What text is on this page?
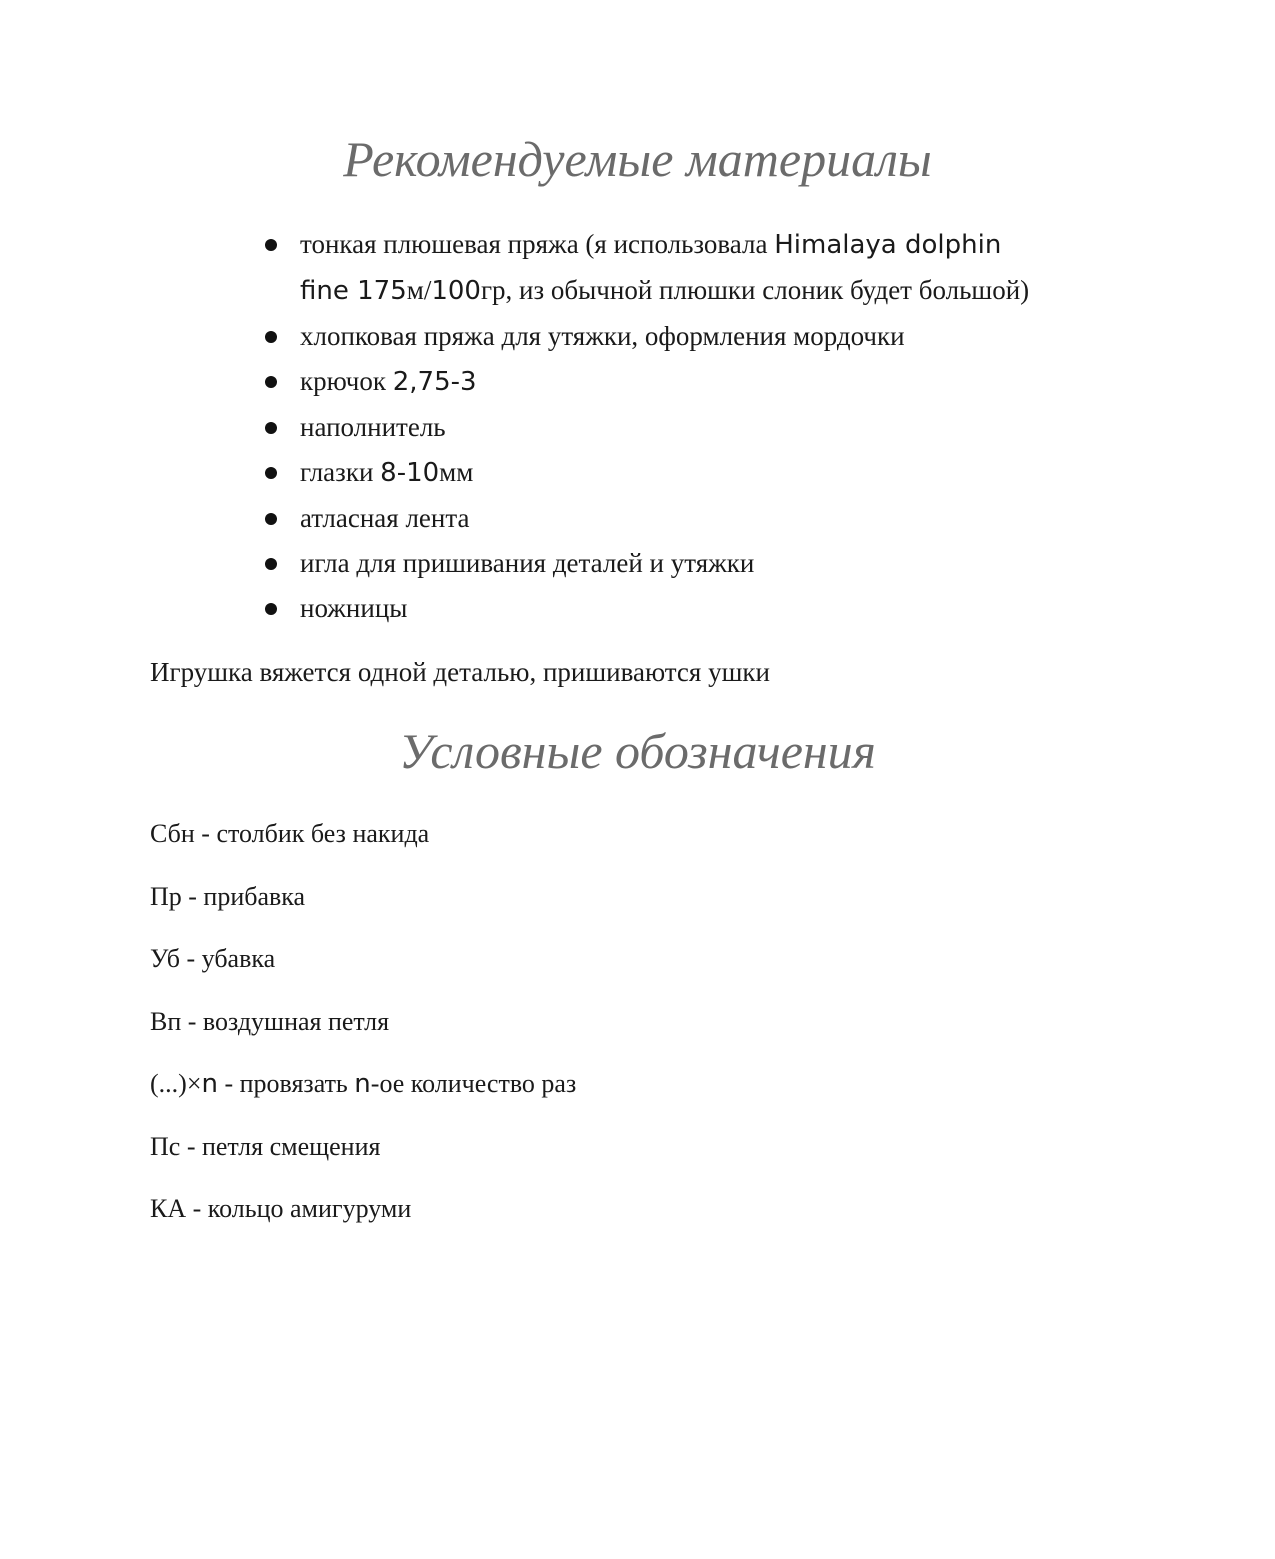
Рекомендуемые материалы
тонкая плюшевая пряжа (я использовала Himalaya dolphin
fine 175м/100гр, из обычной плюшки слоник будет большой)
хлопковая пряжа для утяжки, оформления мордочки
крючок 2,75-3
наполнитель
глазки 8-10мм
атласная лента
игла для пришивания деталей и утяжки
ножницы

Игрушка вяжется одной деталью, пришиваются ушки

Условные обозначения
Сбн - столбик без накида
Пр - прибавка
Уб - убавка
Вп - воздушная петля
(...)×n - провязать n-ое количество раз
Пс - петля смещения
КА - кольцо амигуруми
